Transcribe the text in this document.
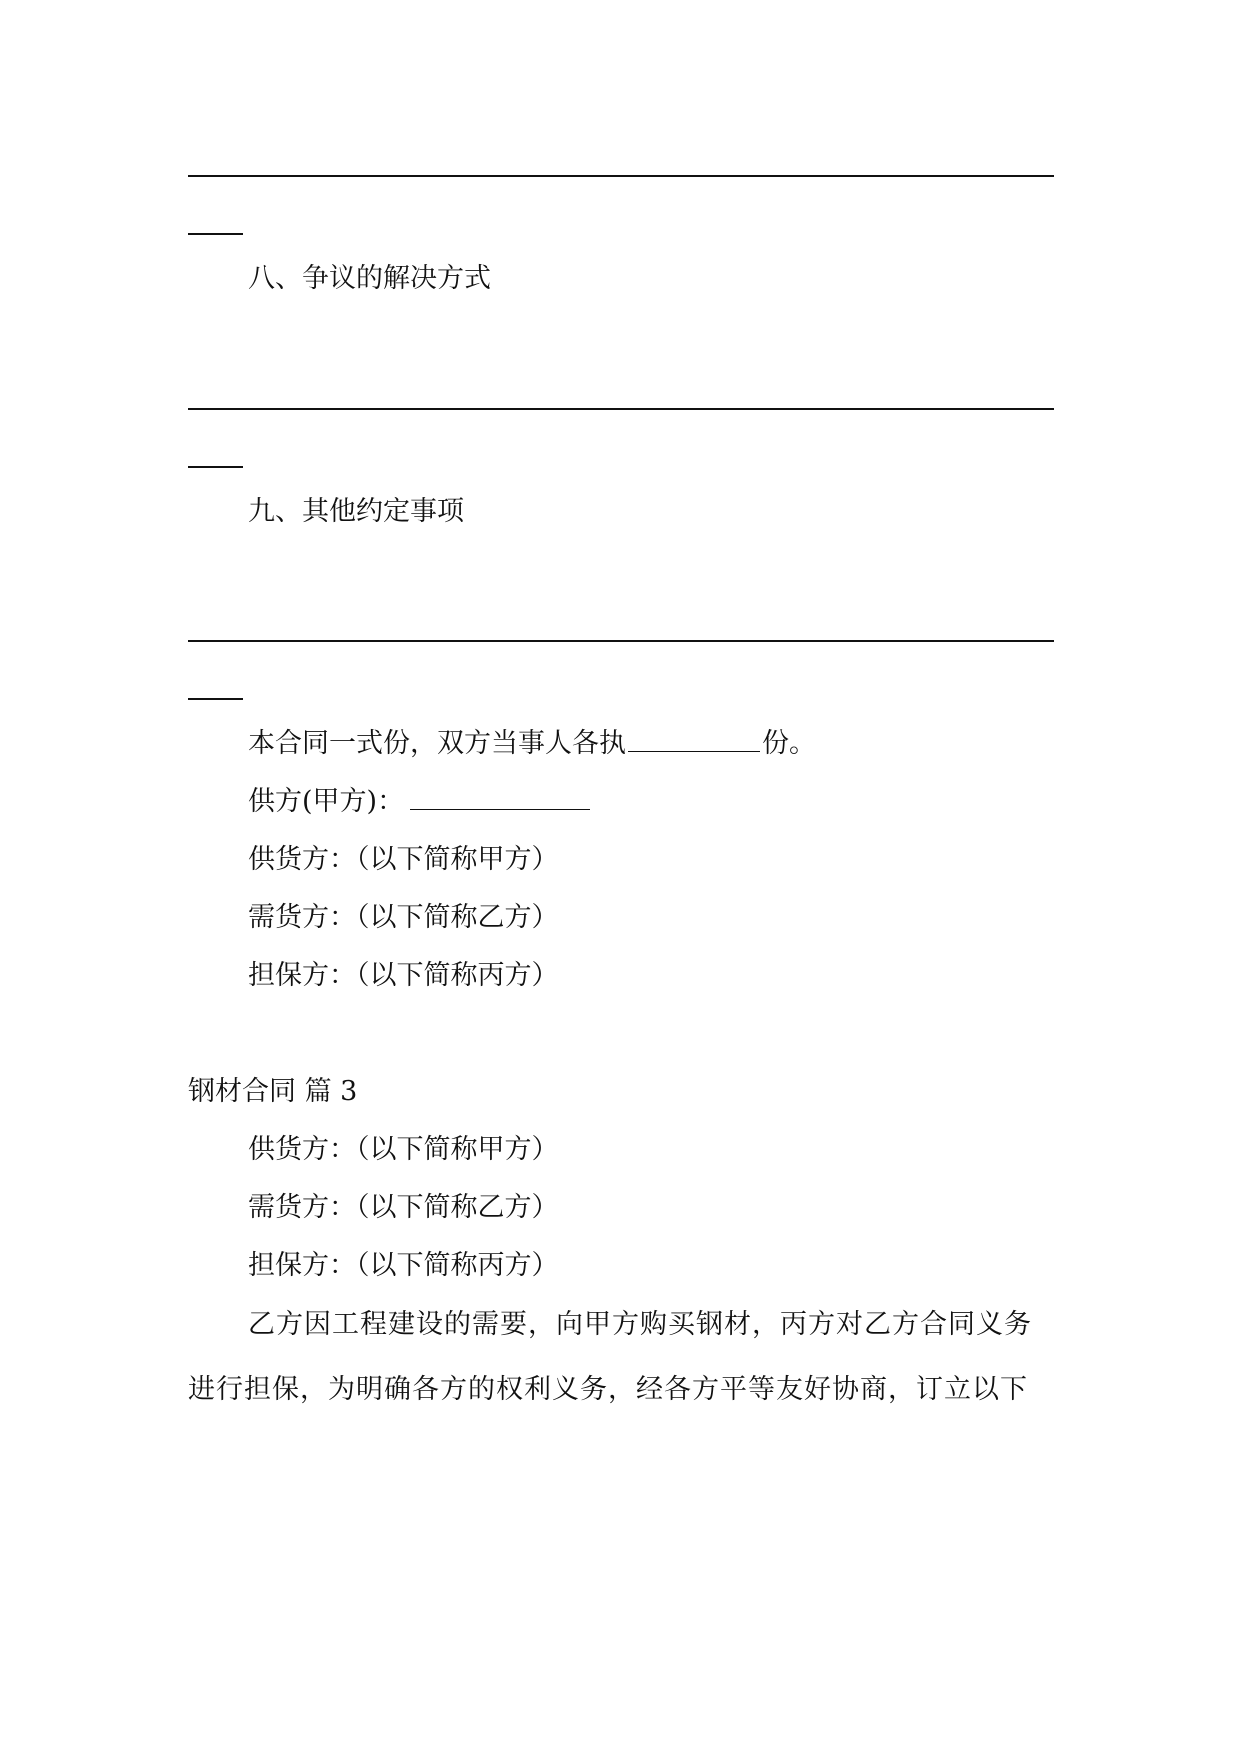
八、争议的解决方式
九、其他约定事项
本合同一式份，双方当事人各执	份。
供方(甲方)：
供货方：（以下简称甲方）
需货方：（以下简称乙方）
担保方：（以下简称丙方）
钢材合同 篇 3
供货方：（以下简称甲方）
需货方：（以下简称乙方）
担保方：（以下简称丙方）
乙方因工程建设的需要，向甲方购买钢材，丙方对乙方合同义务进行担保，为明确各方的权利义务，经各方平等友好协商，订立以下
